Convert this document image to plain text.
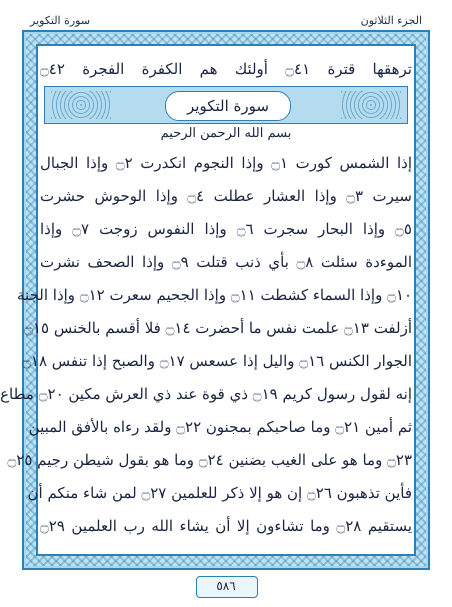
الجزء الثلاثون
سورة التكوير
ترهقها قترة ۝٤١ أولئك هم الكفرة الفجرة ۝٤٢
سورة التكوير
بسم الله الرحمن الرحيم
إذا الشمس كورت ۝١ وإذا النجوم انكدرت ۝٢ وإذا الجبال
سيرت ۝٣ وإذا العشار عطلت ۝٤ وإذا الوحوش حشرت
۝٥ وإذا البحار سجرت ۝٦ وإذا النفوس زوجت ۝٧ وإذا
الموءدة سئلت ۝٨ بأي ذنب قتلت ۝٩ وإذا الصحف نشرت
۝١٠ وإذا السماء كشطت ۝١١ وإذا الجحيم سعرت ۝١٢ وإذا الجنة
أزلفت ۝١٣ علمت نفس ما أحضرت ۝١٤ فلا أقسم بالخنس ۝١٥
الجوار الكنس ۝١٦ واليل إذا عسعس ۝١٧ والصبح إذا تنفس ۝١٨
إنه لقول رسول كريم ۝١٩ ذي قوة عند ذي العرش مكين ۝٢٠ مطاع
ثم أمين ۝٢١ وما صاحبكم بمجنون ۝٢٢ ولقد رءاه بالأفق المبين
۝٢٣ وما هو على الغيب بضنين ۝٢٤ وما هو بقول شيطن رجيم ۝٢٥
فأين تذهبون ۝٢٦ إن هو إلا ذكر للعلمين ۝٢٧ لمن شاء منكم أن
يستقيم ۝٢٨ وما تشاءون إلا أن يشاء الله رب العلمين ۝٢٩
٥٨٦
